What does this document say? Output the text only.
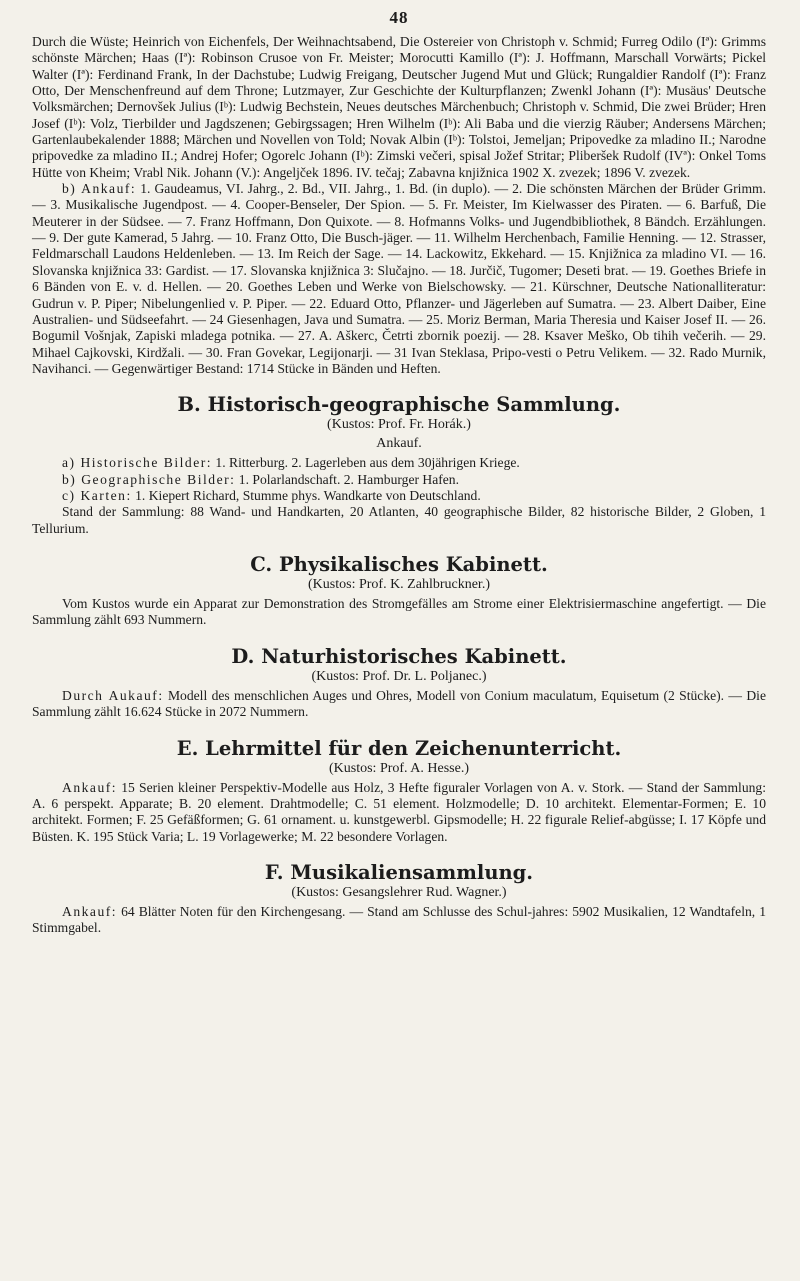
48

Durch die Wüste; Heinrich von Eichenfels, Der Weihnachtsabend, Die Ostereier von Christoph v. Schmid; Furreg Odilo (Iª): Grimms schönste Märchen; Haas (Iª): Robinson Crusoe von Fr. Meister; Morocutti Kamillo (Iª): J. Hoffmann, Marschall Vorwärts; Pickel Walter (Iª): Ferdinand Frank, In der Dachstube; Ludwig Freigang, Deutscher Jugend Mut und Glück; Rungaldier Randolf (Iª): Franz Otto, Der Menschenfreund auf dem Throne; Lutzmayer, Zur Geschichte der Kulturpflanzen; Zwenkl Johann (Iª): Musäus' Deutsche Volksmärchen; Dernovšek Julius (Iᵇ): Ludwig Bechstein, Neues deutsches Märchenbuch; Christoph v. Schmid, Die zwei Brüder; Hren Josef (Iᵇ): Volz, Tierbilder und Jagdszenen; Gebirgssagen; Hren Wilhelm (Iᵇ): Ali Baba und die vierzig Räuber; Andersens Märchen; Gartenlaubekalender 1888; Märchen und Novellen von Told; Novak Albin (Iᵇ): Tolstoi, Jemeljan; Pripovedke za mladino II.; Narodne pripovedke za mladino II.; Andrej Hofer; Ogorelc Johann (Iᵇ): Zimski večeri, spisal Jožef Stritar; Pliberšek Rudolf (IVª): Onkel Toms Hütte von Kheim; Vrabl Nik. Johann (V.): Angeljček 1896. IV. tečaj; Zabavna knjižnica 1902 X. zvezek; 1896 V. zvezek.

b) Ankauf: 1. Gaudeamus, VI. Jahrg., 2. Bd., VII. Jahrg., 1. Bd. (in duplo). — 2. Die schönsten Märchen der Brüder Grimm. — 3. Musikalische Jugendpost. — 4. Cooper-Benseler, Der Spion. — 5. Fr. Meister, Im Kielwasser des Piraten. — 6. Barfuß, Die Meuterer in der Südsee. — 7. Franz Hoffmann, Don Quixote. — 8. Hofmanns Volks- und Jugendbibliothek, 8 Bändch. Erzählungen. — 9. Der gute Kamerad, 5 Jahrg. — 10. Franz Otto, Die Busch-jäger. — 11. Wilhelm Herchenbach, Familie Henning. — 12. Strasser, Feldmarschall Laudons Heldenleben. — 13. Im Reich der Sage. — 14. Lackowitz, Ekkehard. — 15. Knjižnica za mladino VI. — 16. Slovanska knjižnica 33: Gardist. — 17. Slovanska knjižnica 3: Slučajno. — 18. Jurčič, Tugomer; Deseti brat. — 19. Goethes Briefe in 6 Bänden von E. v. d. Hellen. — 20. Goethes Leben und Werke von Bielschowsky. — 21. Kürschner, Deutsche Nationalliteratur: Gudrun v. P. Piper; Nibelungenlied v. P. Piper. — 22. Eduard Otto, Pflanzer- und Jägerleben auf Sumatra. — 23. Albert Daiber, Eine Australien- und Südseefahrt. — 24 Giesenhagen, Java und Sumatra. — 25. Moriz Berman, Maria Theresia und Kaiser Josef II. — 26. Bogumil Vošnjak, Zapiski mladega potnika. — 27. A. Aškerc, Četrti zbornik poezij. — 28. Ksaver Meško, Ob tihih večerih. — 29. Mihael Cajkovski, Kirdžali. — 30. Fran Govekar, Legijonarji. — 31 Ivan Steklasa, Pripo-vesti o Petru Velikem. — 32. Rado Murnik, Navihanci. — Gegenwärtiger Bestand: 1714 Stücke in Bänden und Heften.

B. Historisch-geographische Sammlung.
(Kustos: Prof. Fr. Horák.)
Ankauf.
a) Historische Bilder: 1. Ritterburg. 2. Lagerleben aus dem 30jährigen Kriege.
b) Geographische Bilder: 1. Polarlandschaft. 2. Hamburger Hafen.
c) Karten: 1. Kiepert Richard, Stumme phys. Wandkarte von Deutschland.

Stand der Sammlung: 88 Wand- und Handkarten, 20 Atlanten, 40 geographische Bilder, 82 historische Bilder, 2 Globen, 1 Tellurium.

C. Physikalisches Kabinett.
(Kustos: Prof. K. Zahlbruckner.)

Vom Kustos wurde ein Apparat zur Demonstration des Stromgefälles am Strome einer Elektrisiermaschine angefertigt. — Die Sammlung zählt 693 Nummern.

D. Naturhistorisches Kabinett.
(Kustos: Prof. Dr. L. Poljanec.)

Durch Aukauf: Modell des menschlichen Auges und Ohres, Modell von Conium maculatum, Equisetum (2 Stücke). — Die Sammlung zählt 16.624 Stücke in 2072 Nummern.

E. Lehrmittel für den Zeichenunterricht.
(Kustos: Prof. A. Hesse.)

Ankauf: 15 Serien kleiner Perspektiv-Modelle aus Holz, 3 Hefte figuraler Vorlagen von A. v. Stork. — Stand der Sammlung: A. 6 perspekt. Apparate; B. 20 element. Drahtmodelle; C. 51 element. Holzmodelle; D. 10 architekt. Elementar-Formen; E. 10 architekt. Formen; F. 25 Gefäßformen; G. 61 ornament. u. kunstgewerbl. Gipsmodelle; H. 22 figurale Relief-abgüsse; I. 17 Köpfe und Büsten. K. 195 Stück Varia; L. 19 Vorlagewerke; M. 22 besondere Vorlagen.

F. Musikaliensammlung.
(Kustos: Gesangslehrer Rud. Wagner.)

Ankauf: 64 Blätter Noten für den Kirchengesang. — Stand am Schlusse des Schul-jahres: 5902 Musikalien, 12 Wandtafeln, 1 Stimmgabel.
